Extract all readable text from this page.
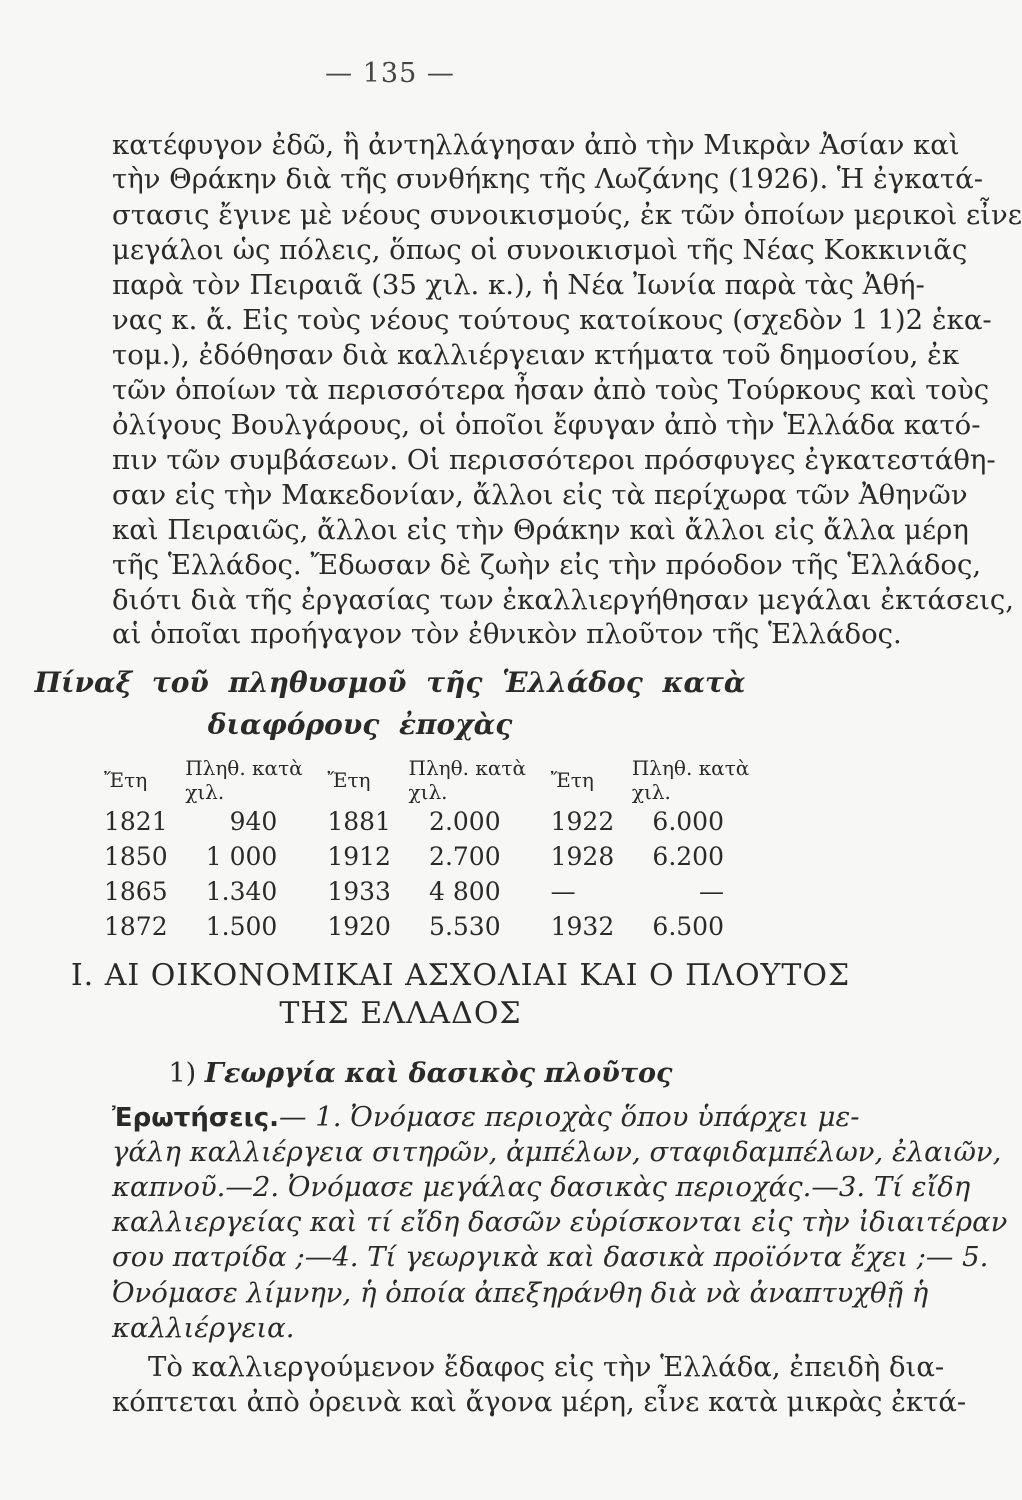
— 135 —

κατέφυγον ἐδῶ, ἢ ἀντηλλάγησαν ἀπὸ τὴν Μικρὰν Ἀσίαν καὶ

τὴν Θράκην διὰ τῆς συνθήκης τῆς Λωζάνης (1926). Ἡ ἐγκατά-

στασις ἔγινε μὲ νέους συνοικισμούς, ἐκ τῶν ὁποίων μερικοὶ εἶνε

μεγάλοι ὡς πόλεις, ὅπως οἱ συνοικισμοὶ τῆς Νέας Κοκκινιᾶς

παρὰ τὸν Πειραιᾶ (35 χιλ. κ.), ἡ Νέα Ἰωνία παρὰ τὰς Ἀθή-

νας κ. ἄ. Εἰς τοὺς νέους τούτους κατοίκους (σχεδὸν 1 1)2 ἑκα-

τομ.), ἐδόθησαν διὰ καλλιέργειαν κτήματα τοῦ δημοσίου, ἐκ

τῶν ὁποίων τὰ περισσότερα ἦσαν ἀπὸ τοὺς Τούρκους καὶ τοὺς

ὀλίγους Βουλγάρους, οἱ ὁποῖοι ἔφυγαν ἀπὸ τὴν Ἑλλάδα κατό-

πιν τῶν συμβάσεων. Οἱ περισσότεροι πρόσφυγες ἐγκατεστάθη-

σαν εἰς τὴν Μακεδονίαν, ἄλλοι εἰς τὰ περίχωρα τῶν Ἀθηνῶν

καὶ Πειραιῶς, ἄλλοι εἰς τὴν Θράκην καὶ ἄλλοι εἰς ἄλλα μέρη

τῆς Ἑλλάδος. Ἔδωσαν δὲ ζωὴν εἰς τὴν πρόοδον τῆς Ἑλλάδος,

διότι διὰ τῆς ἐργασίας των ἐκαλλιεργήθησαν μεγάλαι ἐκτάσεις,

αἱ ὁποῖαι προήγαγον τὸν ἐθνικὸν πλοῦτον τῆς Ἑλλάδος.

Πίναξ τοῦ πληθυσμοῦ τῆς Ἑλλάδος κατὰ

διαφόρους ἐποχὰς

Ἔτη	Πληθ. κατὰ χιλ.	Ἔτη	Πληθ. κατὰ χιλ.	Ἔτη	Πληθ. κατὰ χιλ.
1821	940	1881	2.000	1922	6.000
1850	1 000	1912	2.700	1928	6.200
1865	1.340	1933	4 800	—	—
1872	1.500	1920	5.530	1932	6.500

Ι. ΑΙ ΟΙΚΟΝΟΜΙΚΑΙ ΑΣΧΟΛΙΑΙ ΚΑΙ Ο ΠΛΟΥΤΟΣ

ΤΗΣ ΕΛΛΑΔΟΣ

1) Γεωργία καὶ δασικὸς πλοῦτος

Ἐρωτήσεις.— 1. Ὀνόμασε περιοχὰς ὅπου ὑπάρχει με-

γάλη καλλιέργεια σιτηρῶν, ἀμπέλων, σταφιδαμπέλων, ἐλαιῶν,

καπνοῦ.—2. Ὀνόμασε μεγάλας δασικὰς περιοχάς.—3. Τί εἴδη

καλλιεργείας καὶ τί εἴδη δασῶν εὑρίσκονται εἰς τὴν ἰδιαιτέραν

σου πατρίδα ;—4. Τί γεωργικὰ καὶ δασικὰ προϊόντα ἔχει ;— 5.

Ὀνόμασε λίμνην, ἡ ὁποία ἀπεξηράνθη διὰ νὰ ἀναπτυχθῇ ἡ

καλλιέργεια.

Τὸ καλλιεργούμενον ἔδαφος εἰς τὴν Ἑλλάδα, ἐπειδὴ δια-

κόπτεται ἀπὸ ὀρεινὰ καὶ ἄγονα μέρη, εἶνε κατὰ μικρὰς ἐκτά-
